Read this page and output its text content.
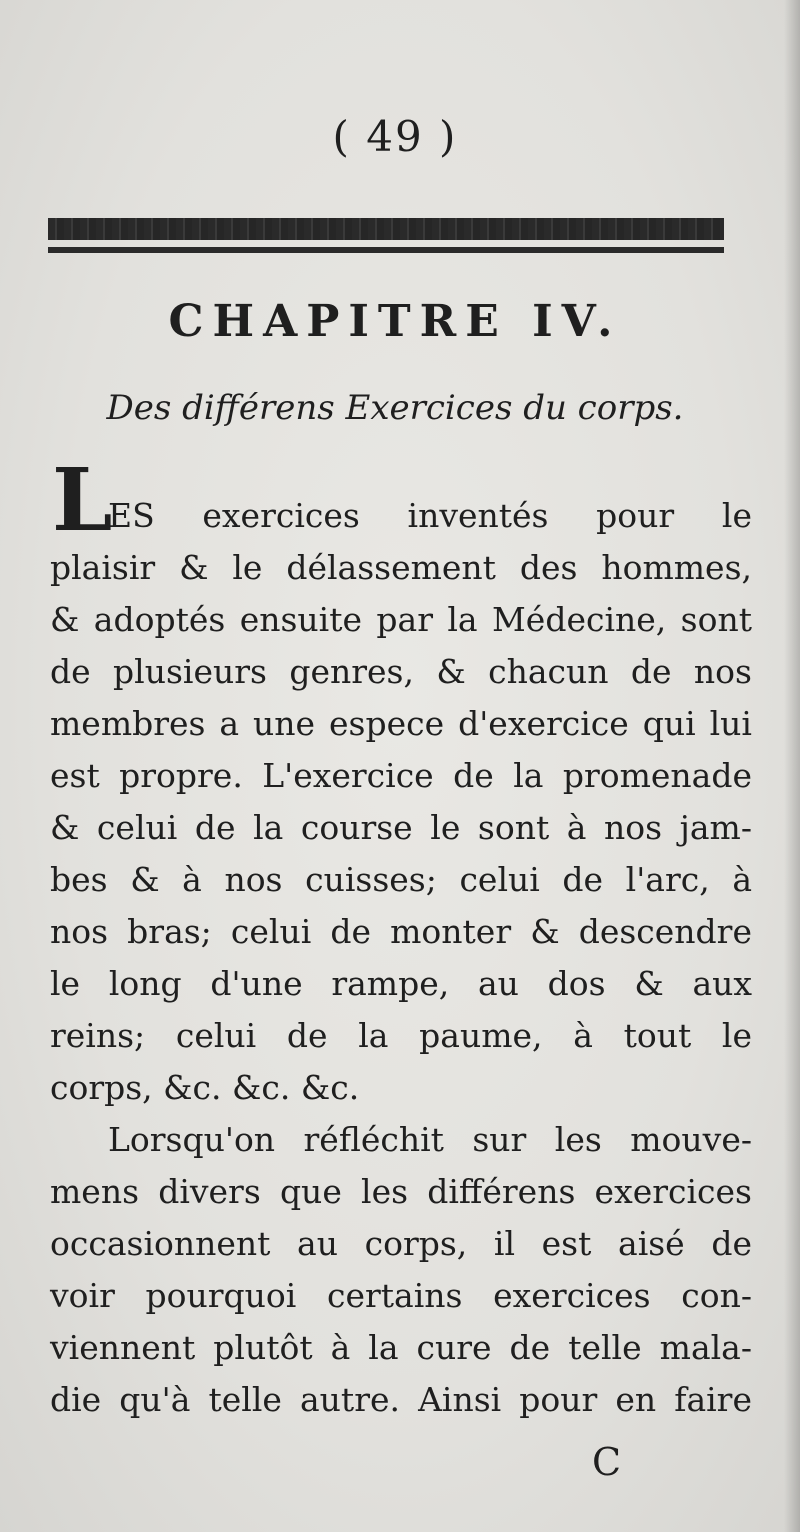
( 49 )
CHAPITRE IV.
Des différens Exercices du corps.
L
ES exercices inventés pour le
plaisir & le délassement des hommes,
& adoptés ensuite par la Médecine, sont
de plusieurs genres, & chacun de nos
membres a une espece d'exercice qui lui
est propre. L'exercice de la promenade
& celui de la course le sont à nos jam-
bes & à nos cuisses; celui de l'arc, à
nos bras; celui de monter & descendre
le long d'une rampe, au dos & aux
reins; celui de la paume, à tout le
corps, &c. &c. &c.
Lorsqu'on réfléchit sur les mouve-
mens divers que les différens exercices
occasionnent au corps, il est aisé de
voir pourquoi certains exercices con-
viennent plutôt à la cure de telle mala-
die qu'à telle autre. Ainsi pour en faire
C
